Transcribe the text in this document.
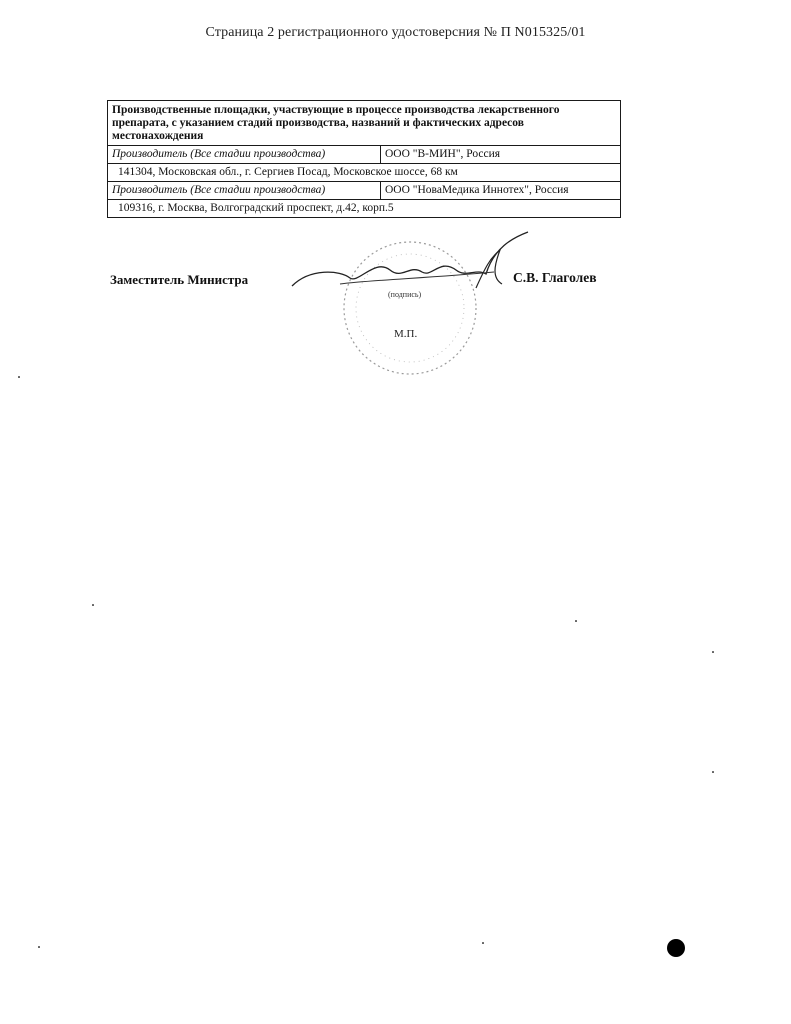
Страница 2 регистрационного удостоверсния № П N015325/01
Производственные площадки, участвующие в процессе производства лекарственного препарата, с указанием стадий производства, названий и фактических адресов местонахождения	
Производитель (Все стадии производства)	ООО "В-МИН", Россия
141304, Московская обл., г. Сергиев Посад, Московское шоссе, 68 км	
Производитель (Все стадии производства)	ООО "НоваМедика Иннотех", Россия
109316, г. Москва, Волгоградский проспект, д.42, корп.5	
Заместитель Министра
(подпись)
С.В. Глаголев
М.П.
